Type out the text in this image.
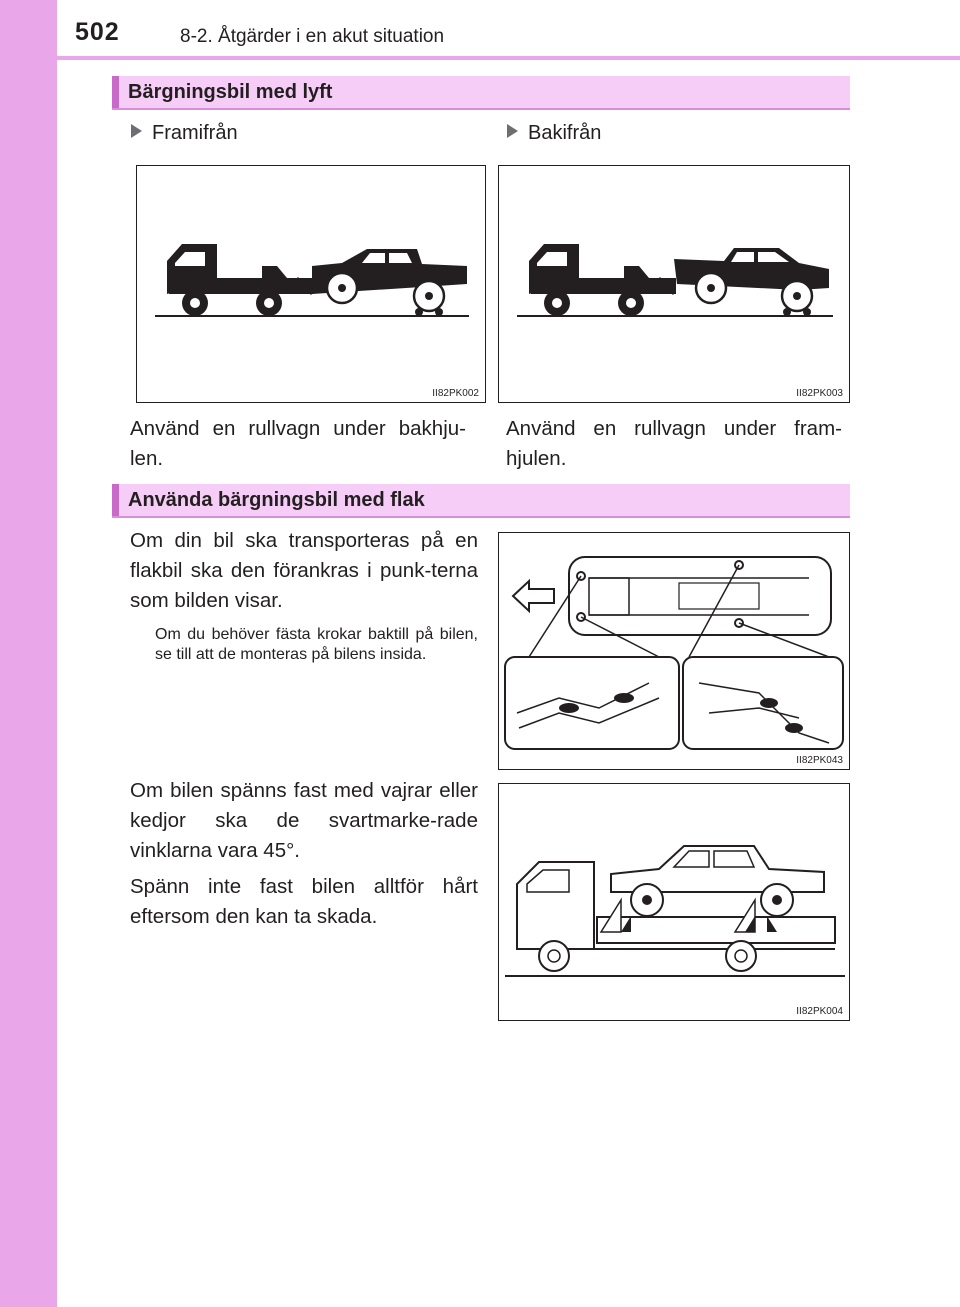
502	8-2. Åtgärder i en akut situation
Bärgningsbil med lyft
Framifrån	Bakifrån
II82PK002	II82PK003
Använd en rullvagn under bakhju-len.
Använd en rullvagn under fram-hjulen.
Använda bärgningsbil med flak
Om din bil ska transporteras på en flakbil ska den förankras i punk-terna som bilden visar.
Om du behöver fästa krokar baktill på bilen, se till att de monteras på bilens insida.
II82PK043
Om bilen spänns fast med vajrar eller kedjor ska de svartmarke-rade vinklarna vara 45°.
Spänn inte fast bilen alltför hårt eftersom den kan ta skada.
II82PK004
